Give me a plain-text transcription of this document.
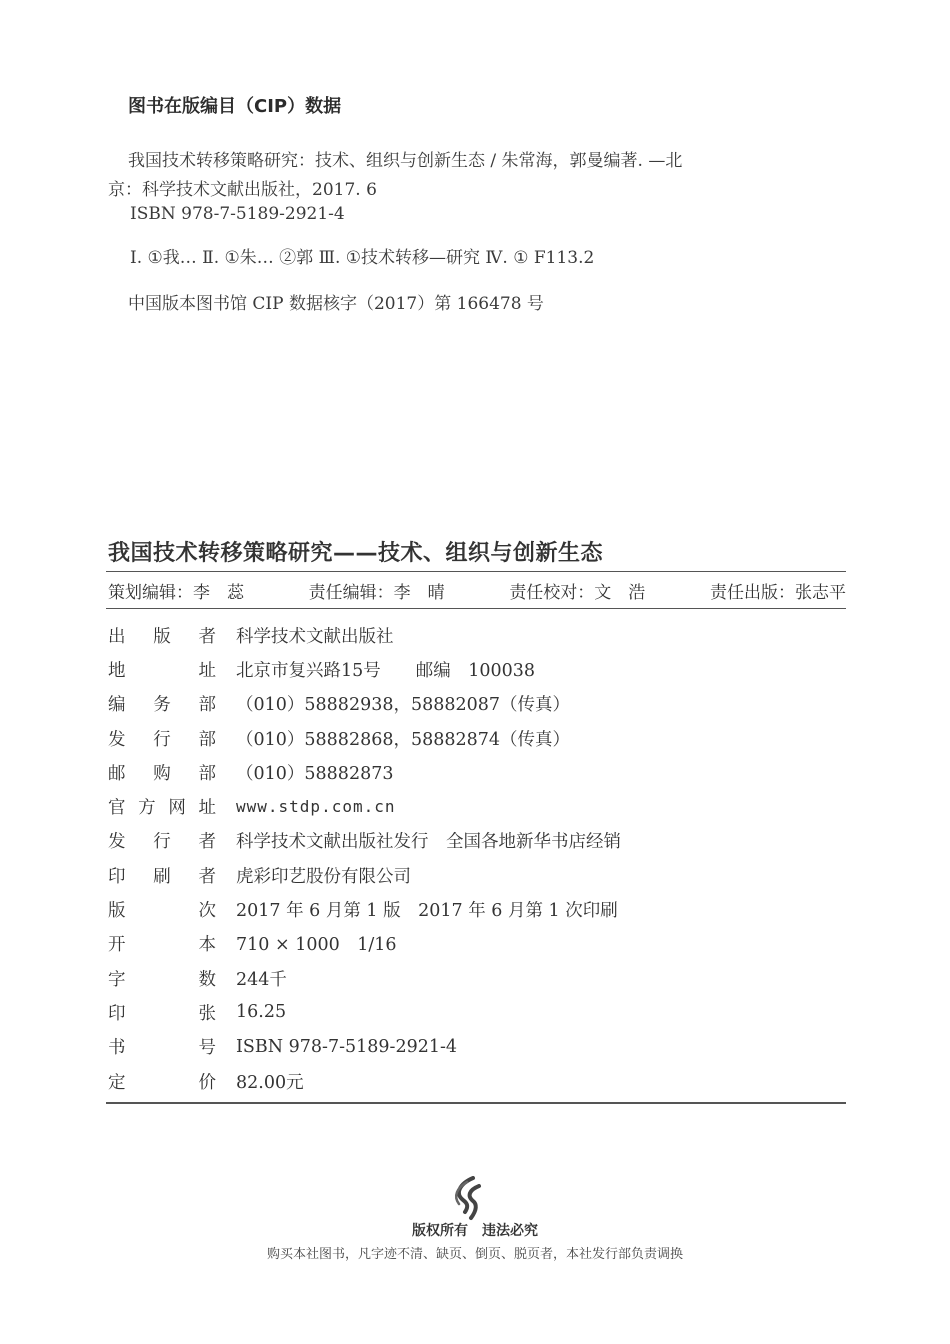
图书在版编目（CIP）数据
我国技术转移策略研究：技术、组织与创新生态 / 朱常海，郭曼编著. —北
京：科学技术文献出版社，2017. 6
ISBN 978-7-5189-2921-4
Ⅰ. ①我… Ⅱ. ①朱… ②郭 Ⅲ. ①技术转移—研究 Ⅳ. ① F113.2
中国版本图书馆 CIP 数据核字（2017）第 166478 号
我国技术转移策略研究——技术、组织与创新生态
策划编辑：李　蕊	责任编辑：李　晴	责任校对：文　浩	责任出版：张志平
出 版 者 科学技术文献出版社
地	址 北京市复兴路15号　　邮编　100038
编 务 部 （010）58882938，58882087（传真）
发 行 部 （010）58882868，58882874（传真）
邮 购 部 （010）58882873
官 方 网 址 www.stdp.com.cn
发 行 者 科学技术文献出版社发行　全国各地新华书店经销
印 刷 者 虎彩印艺股份有限公司
版	次 2017 年 6 月第 1 版　2017 年 6 月第 1 次印刷
开	本 710 × 1000　1/16
字	数 244千
印	张 16.25
书	号 ISBN 978-7-5189-2921-4
定	价 82.00元
版权所有　违法必究
购买本社图书，凡字迹不清、缺页、倒页、脱页者，本社发行部负责调换
